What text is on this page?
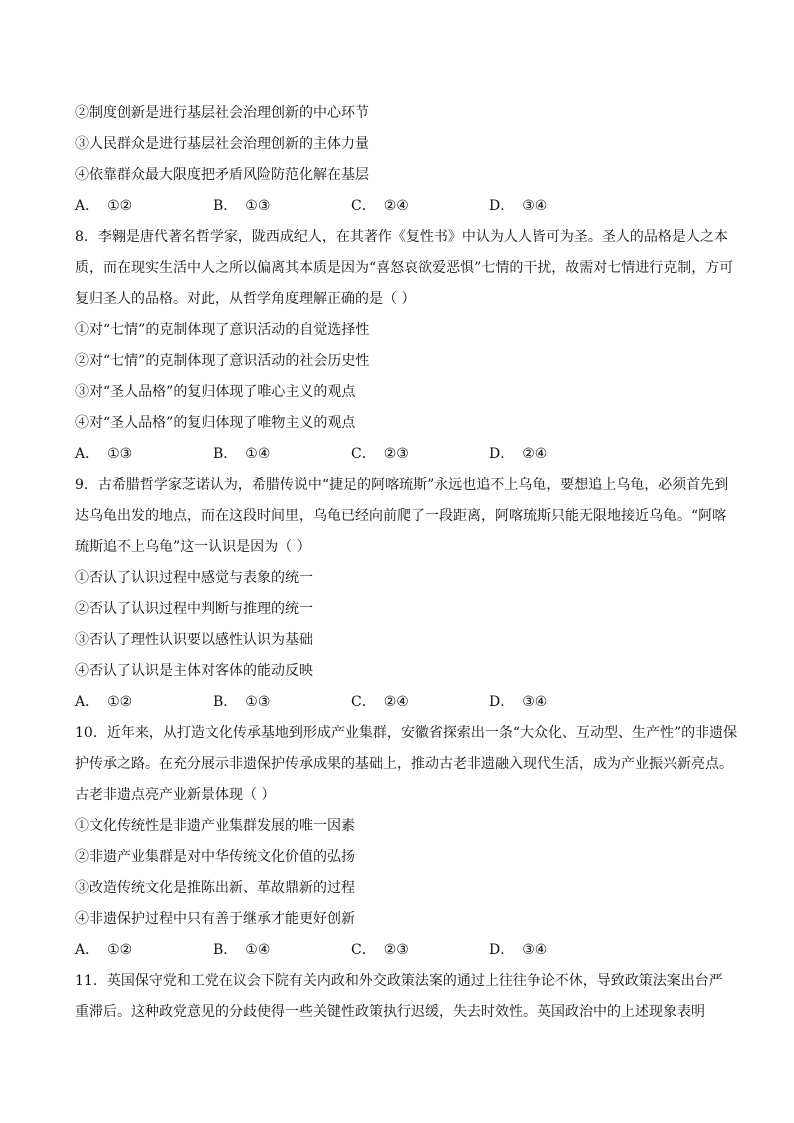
②制度创新是进行基层社会治理创新的中心环节
③人民群众是进行基层社会治理创新的主体力量
④依靠群众最大限度把矛盾风险防范化解在基层
A． ①②	B． ①③	C． ②④	D． ③④
8．李翱是唐代著名哲学家，陇西成纪人，在其著作《复性书》中认为人人皆可为圣。圣人的品格是人之本
质，而在现实生活中人之所以偏离其本质是因为“喜怒哀欲爱恶惧”七情的干扰，故需对七情进行克制，方可
复归圣人的品格。对此，从哲学角度理解正确的是（ ）
①对“七情”的克制体现了意识活动的自觉选择性
②对“七情”的克制体现了意识活动的社会历史性
③对“圣人品格”的复归体现了唯心主义的观点
④对“圣人品格”的复归体现了唯物主义的观点
A． ①③	B． ①④	C． ②③	D． ②④
9．古希腊哲学家芝诺认为，希腊传说中“捷足的阿喀琉斯”永远也追不上乌龟，要想追上乌龟，必须首先到
达乌龟出发的地点，而在这段时间里，乌龟已经向前爬了一段距离，阿喀琉斯只能无限地接近乌龟。“阿喀
琉斯追不上乌龟”这一认识是因为（ ）
①否认了认识过程中感觉与表象的统一
②否认了认识过程中判断与推理的统一
③否认了理性认识要以感性认识为基础
④否认了认识是主体对客体的能动反映
A． ①②	B． ①③	C． ②④	D． ③④
10．近年来，从打造文化传承基地到形成产业集群，安徽省探索出一条“大众化、互动型、生产性”的非遗保
护传承之路。在充分展示非遗保护传承成果的基础上，推动古老非遗融入现代生活，成为产业振兴新亮点。
古老非遗点亮产业新景体现（ ）
①文化传统性是非遗产业集群发展的唯一因素
②非遗产业集群是对中华传统文化价值的弘扬
③改造传统文化是推陈出新、革故鼎新的过程
④非遗保护过程中只有善于继承才能更好创新
A． ①②	B． ①④	C． ②③	D． ③④
11．英国保守党和工党在议会下院有关内政和外交政策法案的通过上往往争论不休，导致政策法案出台严
重滞后。这种政党意见的分歧使得一些关键性政策执行迟缓，失去时效性。英国政治中的上述现象表明
